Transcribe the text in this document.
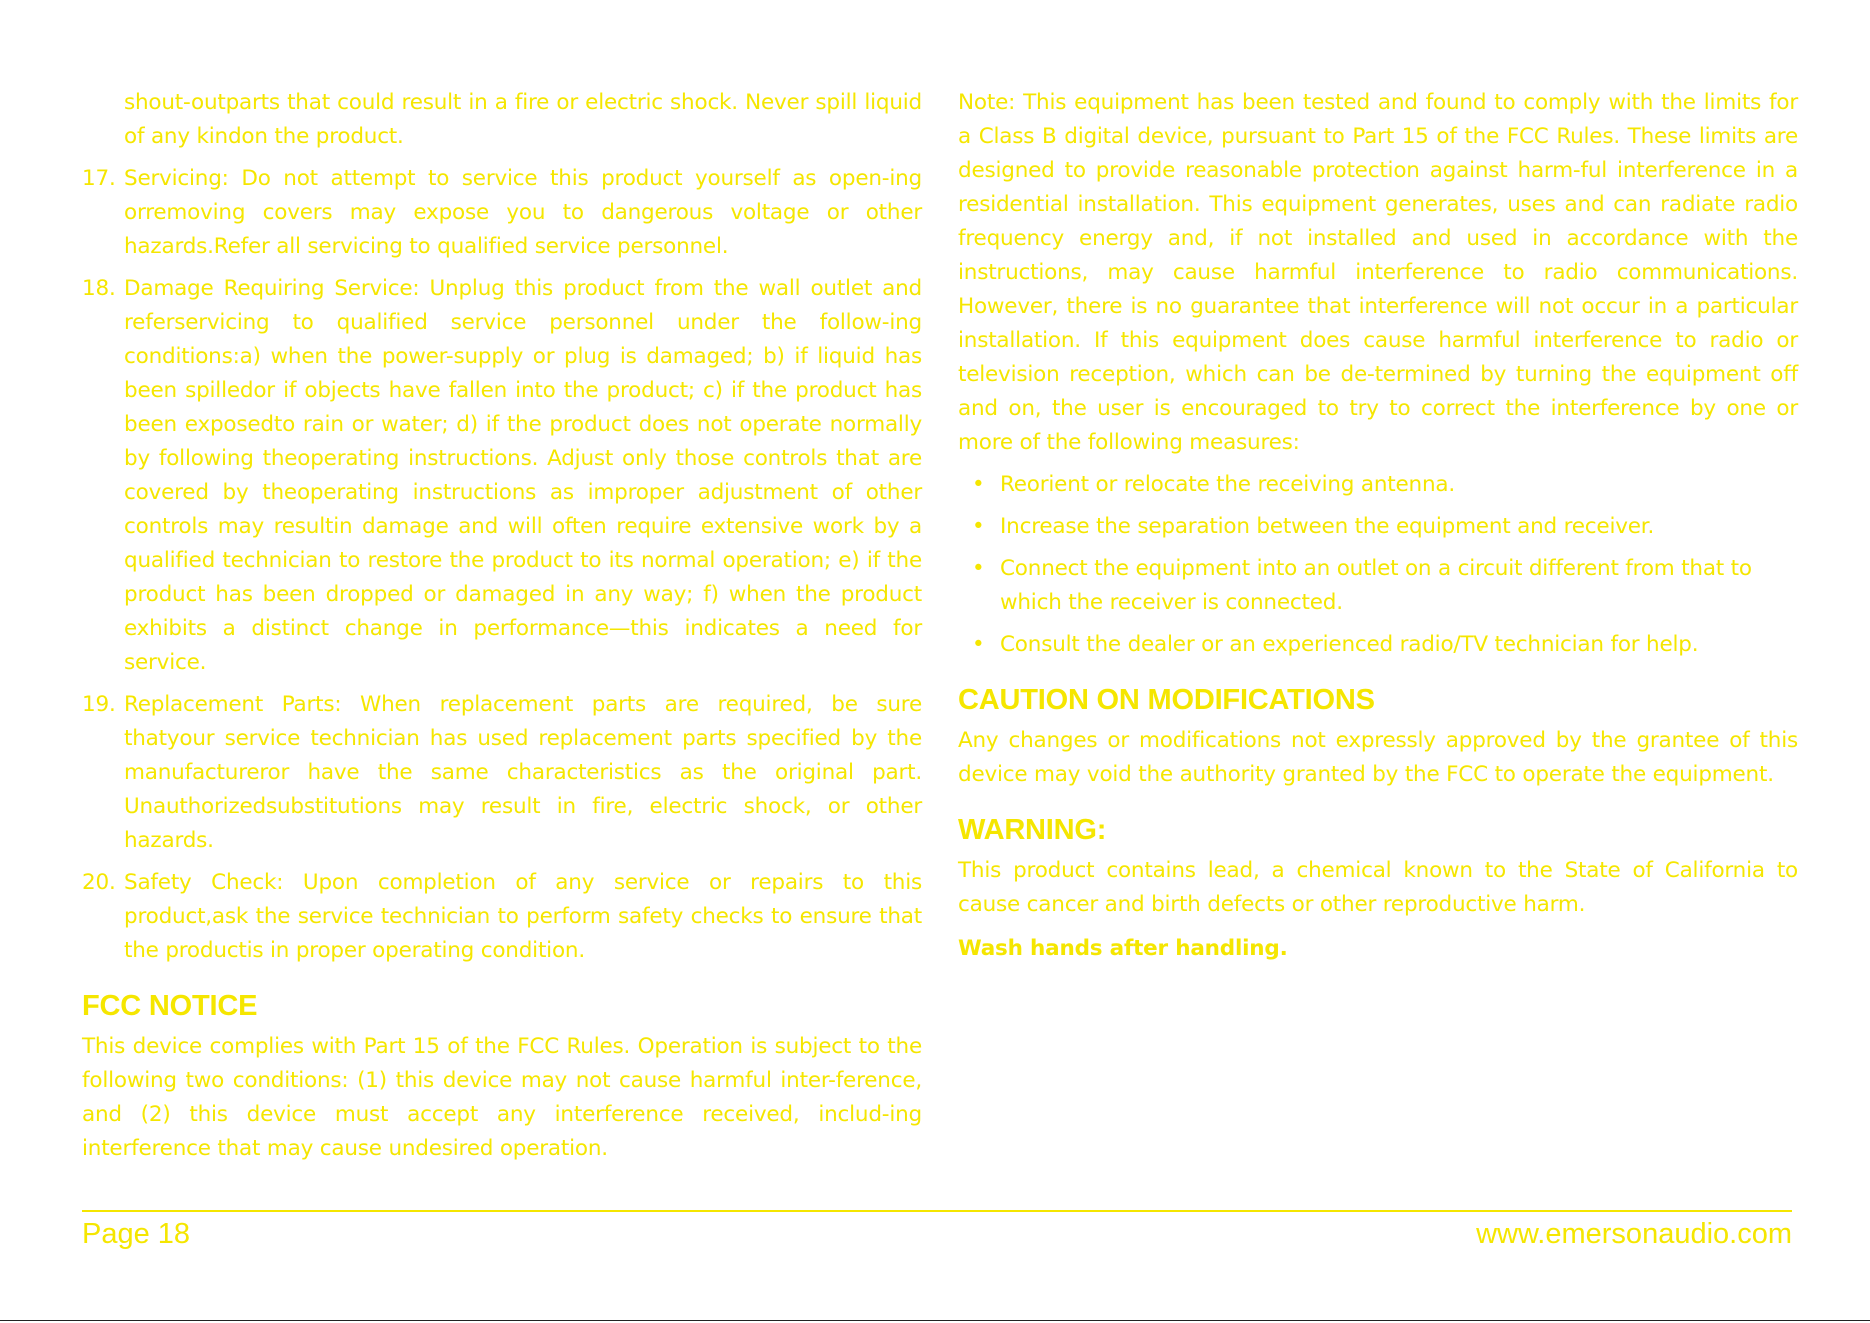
shout-outparts that could result in a fire or electric shock. Never spill liquid of any kindon the product.

17. Servicing: Do not attempt to service this product yourself as open-ing orremoving covers may expose you to dangerous voltage or other hazards.Refer all servicing to qualified service personnel.
18. Damage Requiring Service: Unplug this product from the wall outlet and referservicing to qualified service personnel under the follow-ing conditions:a) when the power-supply or plug is damaged; b) if liquid has been spilledor if objects have fallen into the product; c) if the product has been exposedto rain or water; d) if the product does not operate normally by following theoperating instructions. Adjust only those controls that are covered by theoperating instructions as improper adjustment of other controls may resultin damage and will often require extensive work by a qualified technician to restore the product to its normal operation; e) if the product has been dropped or damaged in any way; f) when the product exhibits a distinct change in performance—this indicates a need for service.
19. Replacement Parts: When replacement parts are required, be sure thatyour service technician has used replacement parts specified by the manufactureror have the same characteristics as the original part. Unauthorizedsubstitutions may result in fire, electric shock, or other hazards.
20. Safety Check: Upon completion of any service or repairs to this product,ask the service technician to perform safety checks to ensure that the productis in proper operating condition.
FCC NOTICE

This device complies with Part 15 of the FCC Rules. Operation is subject to the following two conditions: (1) this device may not cause harmful inter-ference, and (2) this device must accept any interference received, includ-ing interference that may cause undesired operation.

Note: This equipment has been tested and found to comply with the limits for a Class B digital device, pursuant to Part 15 of the FCC Rules. These limits are designed to provide reasonable protection against harm-ful interference in a residential installation. This equipment generates, uses and can radiate radio frequency energy and, if not installed and used in accordance with the instructions, may cause harmful interference to radio communications. However, there is no guarantee that interference will not occur in a particular installation. If this equipment does cause harmful interference to radio or television reception, which can be de-termined by turning the equipment off and on, the user is encouraged to try to correct the interference by one or more of the following measures:

• Reorient or relocate the receiving antenna.
• Increase the separation between the equipment and receiver.
• Connect the equipment into an outlet on a circuit different from that to which the receiver is connected.
• Consult the dealer or an experienced radio/TV technician for help.
CAUTION ON MODIFICATIONS

Any changes or modifications not expressly approved by the grantee of this device may void the authority granted by the FCC to operate the equipment.

WARNING:

This product contains lead, a chemical known to the State of California to cause cancer and birth defects or other reproductive harm.

Wash hands after handling.

Page 18	www.emersonaudio.com
